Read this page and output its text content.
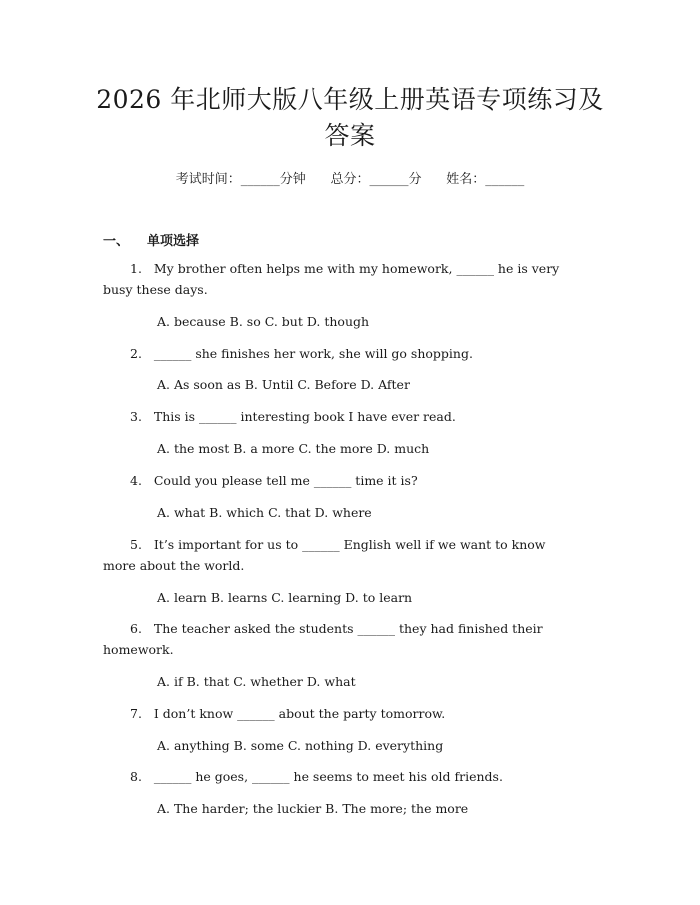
2026 年北师大版八年级上册英语专项练习及
答案
考试时间：______分钟      总分：______分      姓名：______
一、 单项选择
1. My brother often helps me with my homework, ______ he is very
busy these days.
A. because B. so C. but D. though
2. ______ she finishes her work, she will go shopping.
A. As soon as B. Until C. Before D. After
3. This is ______ interesting book I have ever read.
A. the most B. a more C. the more D. much
4. Could you please tell me ______ time it is?
A. what B. which C. that D. where
5. It’s important for us to ______ English well if we want to know
more about the world.
A. learn B. learns C. learning D. to learn
6. The teacher asked the students ______ they had finished their
homework.
A. if B. that C. whether D. what
7. I don’t know ______ about the party tomorrow.
A. anything B. some C. nothing D. everything
8. ______ he goes, ______ he seems to meet his old friends.
A. The harder; the luckier B. The more; the more
